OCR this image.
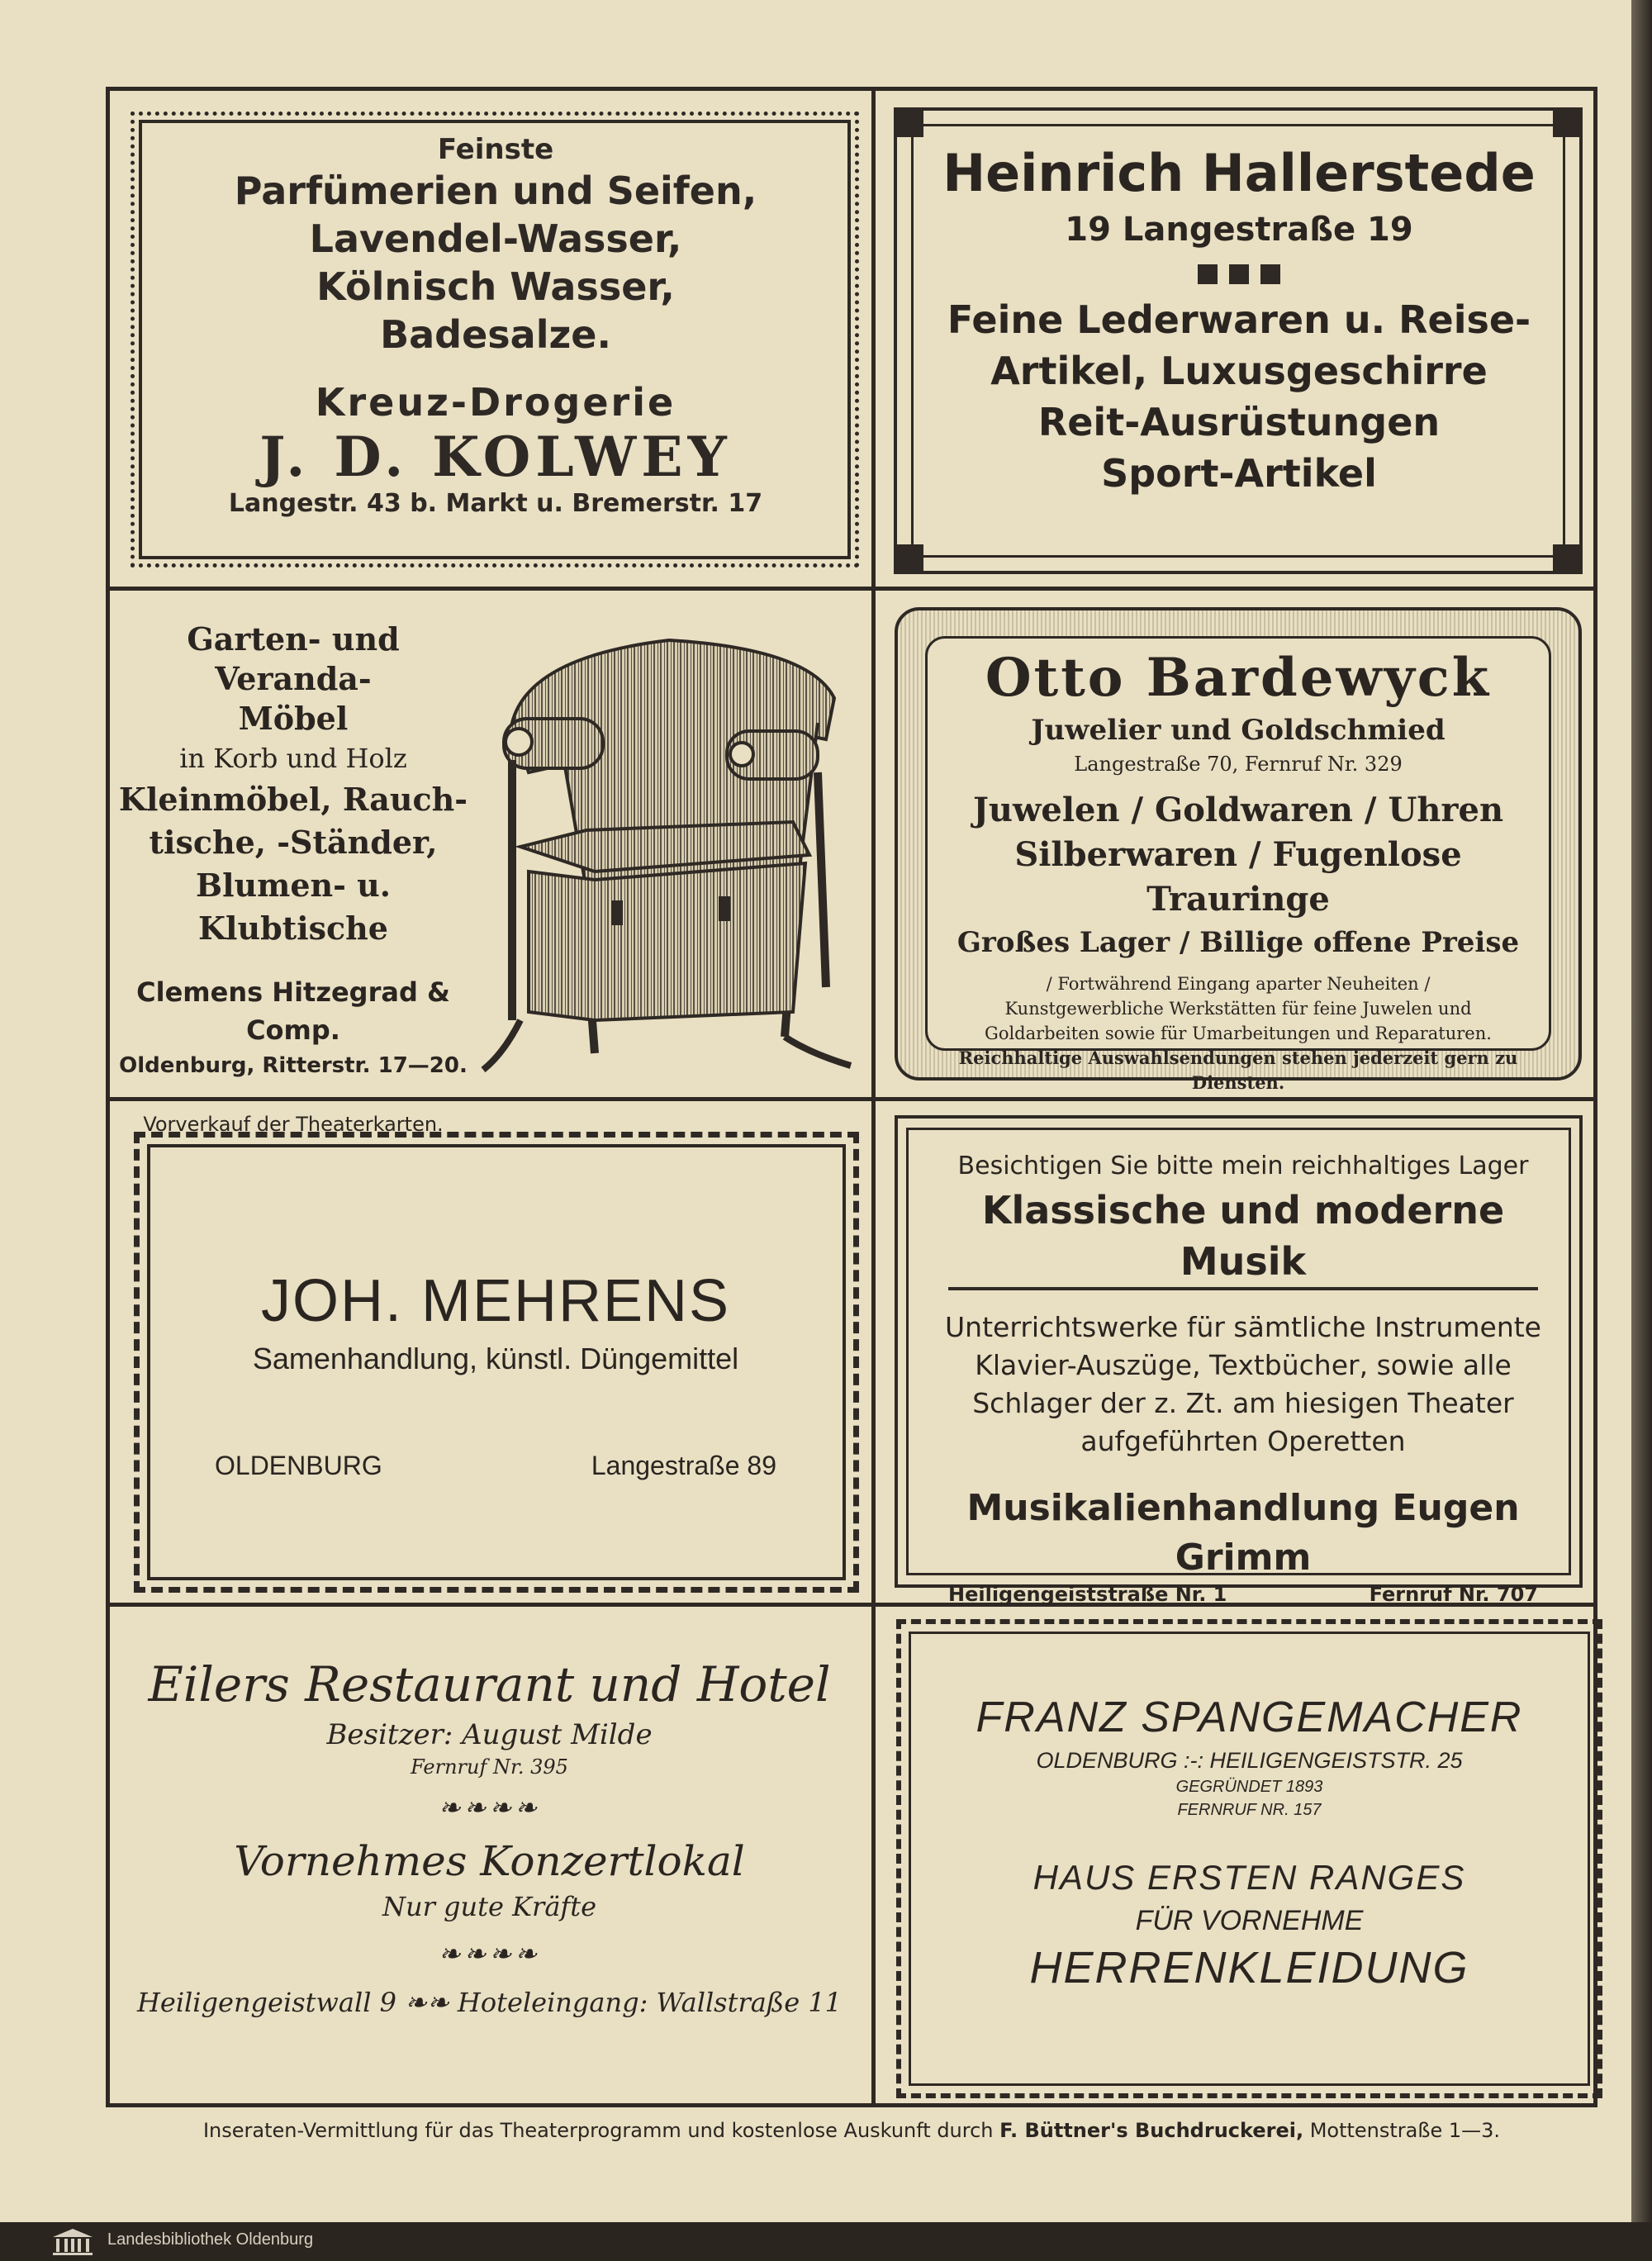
Feinste

Parfümerien und Seifen,

Lavendel-Wasser,

Kölnisch Wasser,

Badesalze.

Kreuz-Drogerie

J. D. KOLWEY

Langestr. 43 b. Markt u. Bremerstr. 17

Heinrich Hallerstede

19 Langestraße 19

Feine Lederwaren u. Reise-

Artikel, Luxusgeschirre

Reit-Ausrüstungen

Sport-Artikel

Garten- und Veranda-

Möbel

in Korb und Holz

Kleinmöbel, Rauch-

tische, -Ständer,

Blumen- u. Klubtische

Clemens Hitzegrad & Comp.

Oldenburg, Ritterstr. 17—20.

Vorverkauf der Theaterkarten.

Otto Bardewyck

Juwelier und Goldschmied

Langestraße 70, Fernruf Nr. 329

Juwelen / Goldwaren / Uhren

Silberwaren / Fugenlose Trauringe

Großes Lager / Billige offene Preise

/ Fortwährend Eingang aparter Neuheiten /

Kunstgewerbliche Werkstätten für feine Juwelen und

Goldarbeiten sowie für Umarbeitungen und Reparaturen.

Reichhaltige Auswahlsendungen stehen jederzeit gern zu Diensten.

JOH. MEHRENS

Samenhandlung, künstl. Düngemittel

OLDENBURG	Langestraße 89

Besichtigen Sie bitte mein reichhaltiges Lager

Klassische und moderne Musik

Unterrichtswerke für sämtliche Instrumente

Klavier-Auszüge, Textbücher, sowie alle

Schlager der z. Zt. am hiesigen Theater

aufgeführten Operetten

Musikalienhandlung Eugen Grimm

Heiligengeiststraße Nr. 1	Fernruf Nr. 707

Eilers Restaurant und Hotel

Besitzer: August Milde

Fernruf Nr. 395

❧❧❧❧

Vornehmes Konzertlokal

Nur gute Kräfte

❧❧❧❧

Heiligengeistwall 9 ❧❧ Hoteleingang: Wallstraße 11

FRANZ SPANGEMACHER

OLDENBURG :-: HEILIGENGEISTSTR. 25

GEGRÜNDET 1893

FERNRUF NR. 157

HAUS ERSTEN RANGES

FÜR VORNEHME

HERRENKLEIDUNG

Inseraten-Vermittlung für das Theaterprogramm und kostenlose Auskunft durch F. Büttner's Buchdruckerei, Mottenstraße 1—3.
Landesbibliothek Oldenburg
